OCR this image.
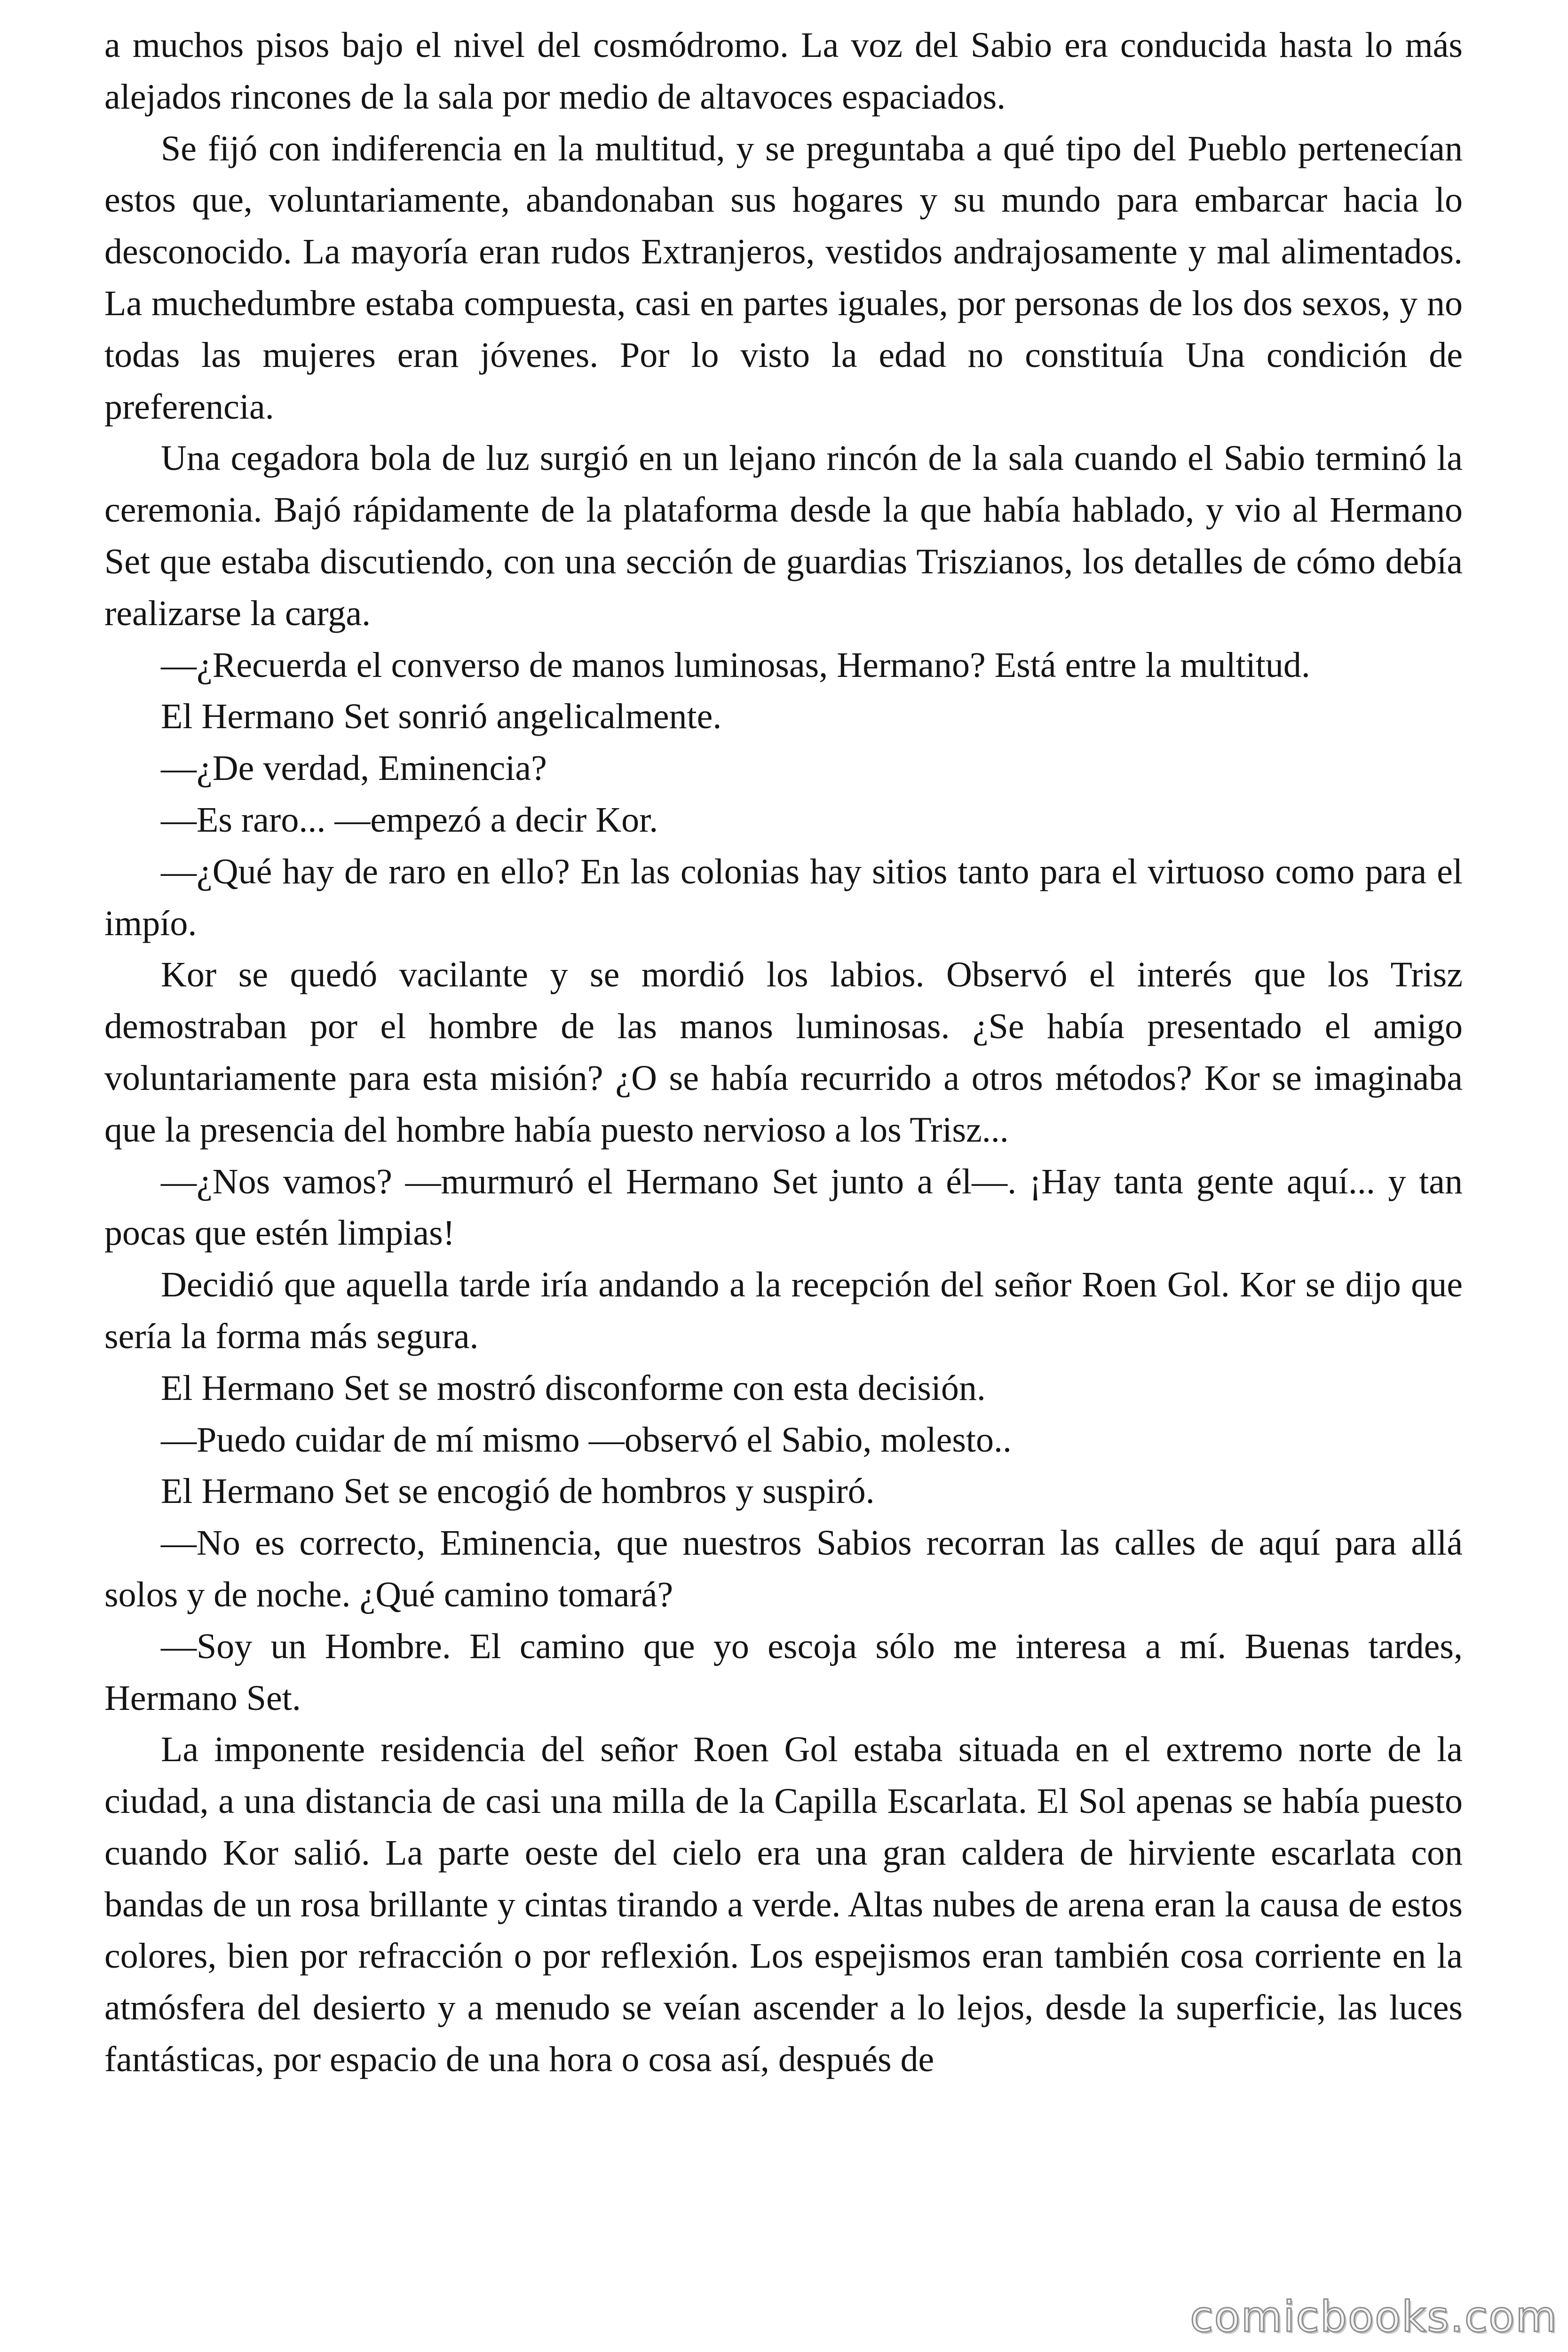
a muchos pisos bajo el nivel del cosmódromo. La voz del Sabio era conducida hasta lo más alejados rincones de la sala por medio de altavoces espaciados.

Se fijó con indiferencia en la multitud, y se preguntaba a qué tipo del Pueblo pertenecían estos que, voluntariamente, abandonaban sus hogares y su mundo para embarcar hacia lo desconocido. La mayoría eran rudos Extranjeros, vestidos andrajosamente y mal alimentados. La muchedumbre estaba compuesta, casi en partes iguales, por personas de los dos sexos, y no todas las mujeres eran jóvenes. Por lo visto la edad no constituía Una condición de preferencia.

Una cegadora bola de luz surgió en un lejano rincón de la sala cuando el Sabio terminó la ceremonia. Bajó rápidamente de la plataforma desde la que había hablado, y vio al Hermano Set que estaba discutiendo, con una sección de guardias Triszianos, los detalles de cómo debía realizarse la carga.

—¿Recuerda el converso de manos luminosas, Hermano? Está entre la multitud.

El Hermano Set sonrió angelicalmente.

—¿De verdad, Eminencia?

—Es raro... —empezó a decir Kor.

—¿Qué hay de raro en ello? En las colonias hay sitios tanto para el virtuoso como para el impío.

Kor se quedó vacilante y se mordió los labios. Observó el interés que los Trisz demostraban por el hombre de las manos luminosas. ¿Se había presentado el amigo voluntariamente para esta misión? ¿O se había recurrido a otros métodos? Kor se imaginaba que la presencia del hombre había puesto nervioso a los Trisz...

—¿Nos vamos? —murmuró el Hermano Set junto a él—. ¡Hay tanta gente aquí... y tan pocas que estén limpias!

Decidió que aquella tarde iría andando a la recepción del señor Roen Gol. Kor se dijo que sería la forma más segura.

El Hermano Set se mostró disconforme con esta decisión.

—Puedo cuidar de mí mismo —observó el Sabio, molesto..

El Hermano Set se encogió de hombros y suspiró.

—No es correcto, Eminencia, que nuestros Sabios recorran las calles de aquí para allá solos y de noche. ¿Qué camino tomará?

—Soy un Hombre. El camino que yo escoja sólo me interesa a mí. Buenas tardes, Hermano Set.

La imponente residencia del señor Roen Gol estaba situada en el extremo norte de la ciudad, a una distancia de casi una milla de la Capilla Escarlata. El Sol apenas se había puesto cuando Kor salió. La parte oeste del cielo era una gran caldera de hirviente escarlata con bandas de un rosa brillante y cintas tirando a verde. Altas nubes de arena eran la causa de estos colores, bien por refracción o por reflexión. Los espejismos eran también cosa corriente en la atmósfera del desierto y a menudo se veían ascender a lo lejos, desde la superficie, las luces fantásticas, por espacio de una hora o cosa así, después de

comicbooks.com
